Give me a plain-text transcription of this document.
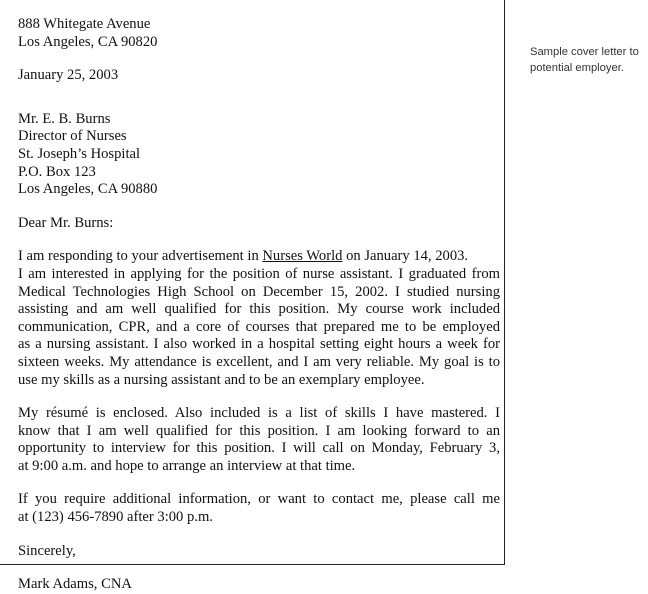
888 Whitegate Avenue
Los Angeles, CA 90820
January 25, 2003
Mr. E. B. Burns
Director of Nurses
St. Joseph’s Hospital
P.O. Box 123
Los Angeles, CA 90880
Dear Mr. Burns:
I am responding to your advertisement in Nurses World on January 14, 2003.
I am interested in applying for the position of nurse assistant. I graduated from
Medical Technologies High School on December 15, 2002. I studied nursing
assisting and am well qualified for this position. My course work included
communication, CPR, and a core of courses that prepared me to be employed
as a nursing assistant. I also worked in a hospital setting eight hours a week for
sixteen weeks. My attendance is excellent, and I am very reliable. My goal is to
use my skills as a nursing assistant and to be an exemplary employee.
My résumé is enclosed. Also included is a list of skills I have mastered. I
know that I am well qualified for this position. I am looking forward to an
opportunity to interview for this position. I will call on Monday, February 3,
at 9:00 a.m. and hope to arrange an interview at that time.
If you require additional information, or want to contact me, please call me
at (123) 456-7890 after 3:00 p.m.
Sincerely,
Mark Adams, CNA
Sample cover letter to
potential employer.
